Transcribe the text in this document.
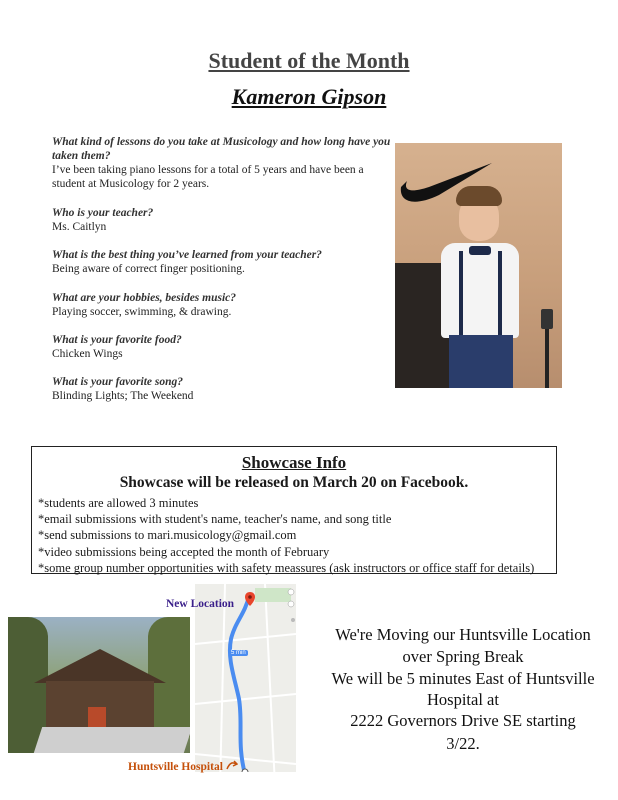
Student of the Month
Kameron Gipson
What kind of lessons do you take at Musicology and how long have you taken them?
I’ve been taking piano lessons for a total of 5 years and have been a student at Musicology for 2 years.
Who is your teacher?
Ms. Caitlyn
What is the best thing you’ve learned from your teacher?
Being aware of correct finger positioning.
What are your hobbies, besides music?
Playing soccer, swimming, & drawing.
What is your favorite food?
Chicken Wings
What is your favorite song?
Blinding Lights; The Weekend
Showcase Info
Showcase will be released on March 20 on Facebook.
*students are allowed 3 minutes
*email submissions with student's name, teacher's name, and song title
*send submissions to mari.musicology@gmail.com
*video submissions being accepted the month of February
*some group number opportunities with safety meassures (ask instructors or office staff for details)
5 min
New Location
Huntsville Hospital
We're Moving our Huntsville Location
over Spring Break
We will be 5 minutes East of Huntsville
Hospital at
2222 Governors Drive SE starting
3/22.
